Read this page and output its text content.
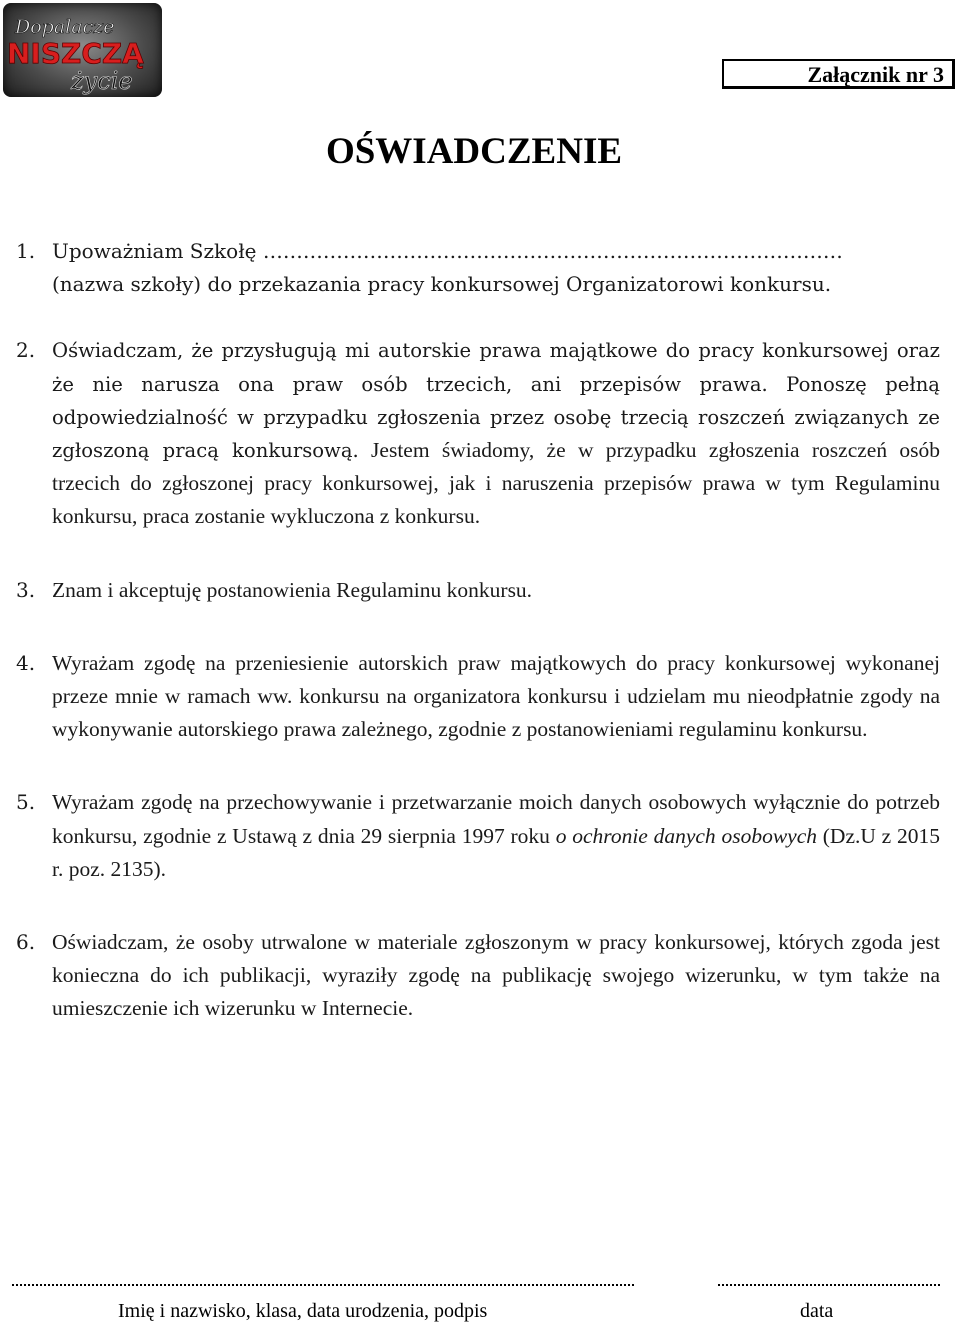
Dopalacze
NISZCZĄ
życie	Załącznik nr 3
OŚWIADCZENIE
1. Upoważniam Szkołę ……………………………………………………………………………
(nazwa szkoły) do przekazania pracy konkursowej Organizatorowi konkursu.
2. Oświadczam, że przysługują mi autorskie prawa majątkowe do pracy konkursowej oraz że nie narusza ona praw osób trzecich, ani przepisów prawa. Ponoszę pełną odpowiedzialność w przypadku zgłoszenia przez osobę trzecią roszczeń związanych ze zgłoszoną pracą konkursową. Jestem świadomy, że w przypadku zgłoszenia roszczeń osób trzecich do zgłoszonej pracy konkursowej, jak i naruszenia przepisów prawa w tym Regulaminu konkursu, praca zostanie wykluczona z konkursu.
3. Znam i akceptuję postanowienia Regulaminu konkursu.
4. Wyrażam zgodę na przeniesienie autorskich praw majątkowych do pracy konkursowej wykonanej przeze mnie w ramach ww. konkursu na organizatora konkursu i udzielam mu nieodpłatnie zgody na wykonywanie autorskiego prawa zależnego, zgodnie z postanowieniami regulaminu konkursu.
5. Wyrażam zgodę na przechowywanie i przetwarzanie moich danych osobowych wyłącznie do potrzeb konkursu, zgodnie z Ustawą z dnia 29 sierpnia 1997 roku o ochronie danych osobowych (Dz.U z 2015 r. poz. 2135).
6. Oświadczam, że osoby utrwalone w materiale zgłoszonym w pracy konkursowej, których zgoda jest konieczna do ich publikacji, wyraziły zgodę na publikację swojego wizerunku, w tym także na umieszczenie ich wizerunku w Internecie.
Imię i nazwisko, klasa, data urodzenia, podpis	data
